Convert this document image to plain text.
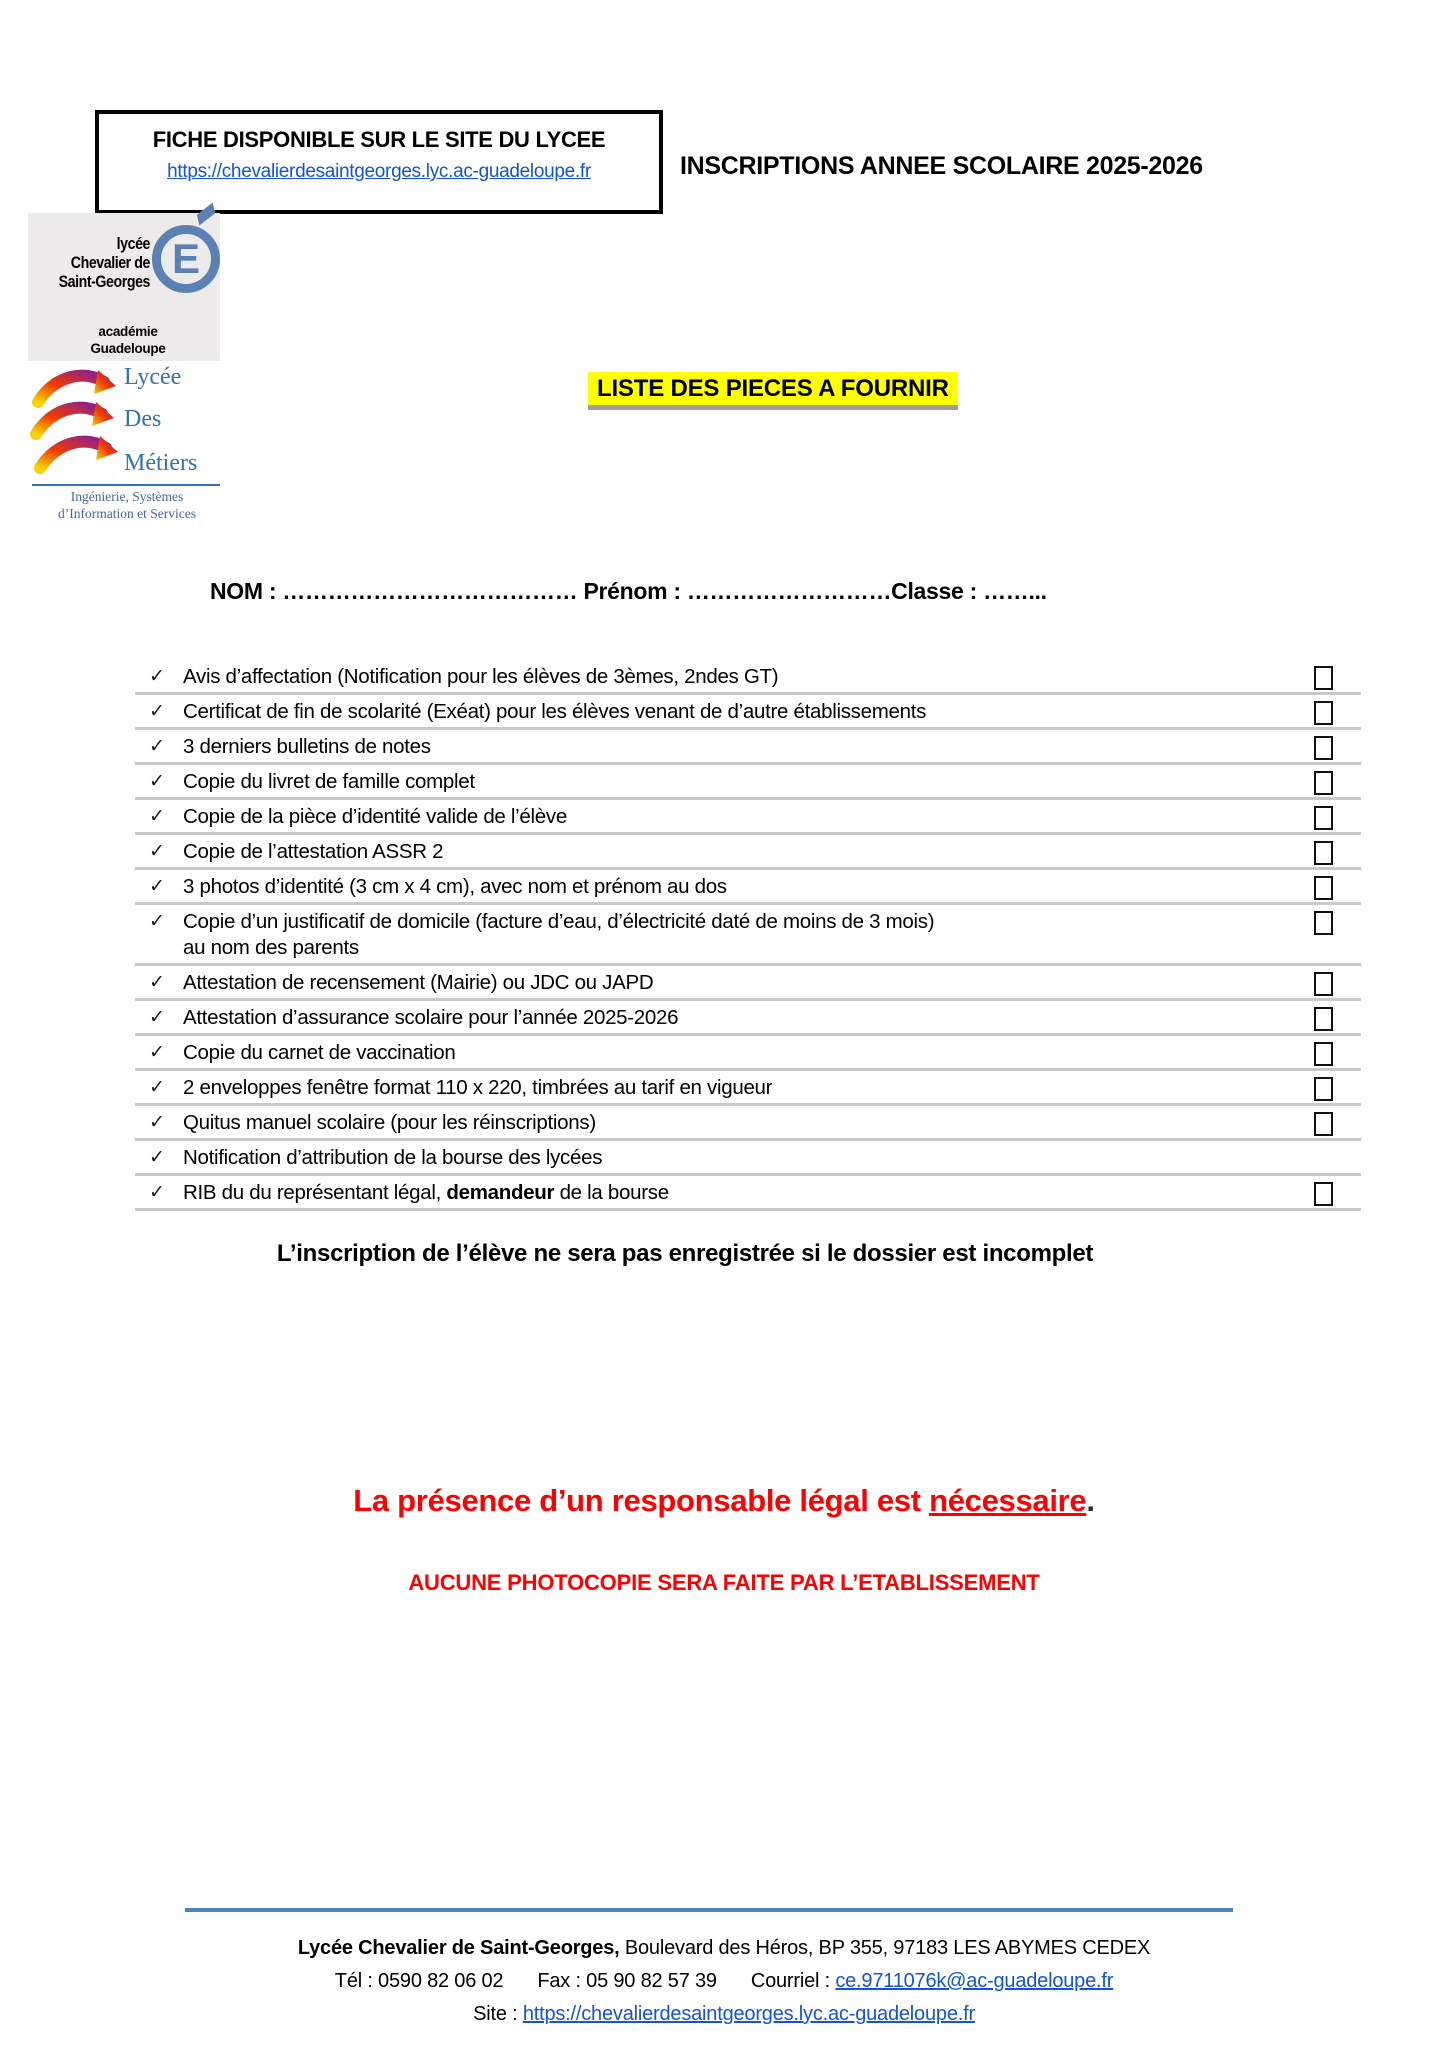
FICHE DISPONIBLE SUR LE SITE DU LYCEE
https://chevalierdesaintgeorges.lyc.ac-guadeloupe.fr	INSCRIPTIONS ANNEE SCOLAIRE 2025-2026
lycée
Chevalier de
Saint-Georges E
académie
Guadeloupe
Lycée
Des
Métiers
Ingénierie, Systèmes
d’Information et Services
LISTE DES PIECES A FOURNIR
NOM : ………………………………… Prénom : ………………………Classe : ……...
✓ Avis d’affectation (Notification pour les élèves de 3èmes, 2ndes GT)
✓ Certificat de fin de scolarité (Exéat) pour les élèves venant de d’autre établissements
✓ 3 derniers bulletins de notes
✓ Copie du livret de famille complet
✓ Copie de la pièce d’identité valide de l’élève
✓ Copie de l’attestation ASSR 2
✓ 3 photos d’identité (3 cm x 4 cm), avec nom et prénom au dos
✓ Copie d’un justificatif de domicile (facture d’eau, d’électricité daté de moins de 3 mois)
au nom des parents
✓ Attestation de recensement (Mairie) ou JDC ou JAPD
✓ Attestation d’assurance scolaire pour l’année 2025-2026
✓ Copie du carnet de vaccination
✓ 2 enveloppes fenêtre format 110 x 220, timbrées au tarif en vigueur
✓ Quitus manuel scolaire (pour les réinscriptions)
✓ Notification d’attribution de la bourse des lycées
✓ RIB du du représentant légal, demandeur de la bourse
L’inscription de l’élève ne sera pas enregistrée si le dossier est incomplet
La présence d’un responsable légal est nécessaire.
AUCUNE PHOTOCOPIE SERA FAITE PAR L’ETABLISSEMENT
Lycée Chevalier de Saint-Georges, Boulevard des Héros, BP 355, 97183 LES ABYMES CEDEX
Tél : 0590 82 06 02 Fax : 05 90 82 57 39 Courriel : ce.9711076k@ac-guadeloupe.fr
Site : https://chevalierdesaintgeorges.lyc.ac-guadeloupe.fr
